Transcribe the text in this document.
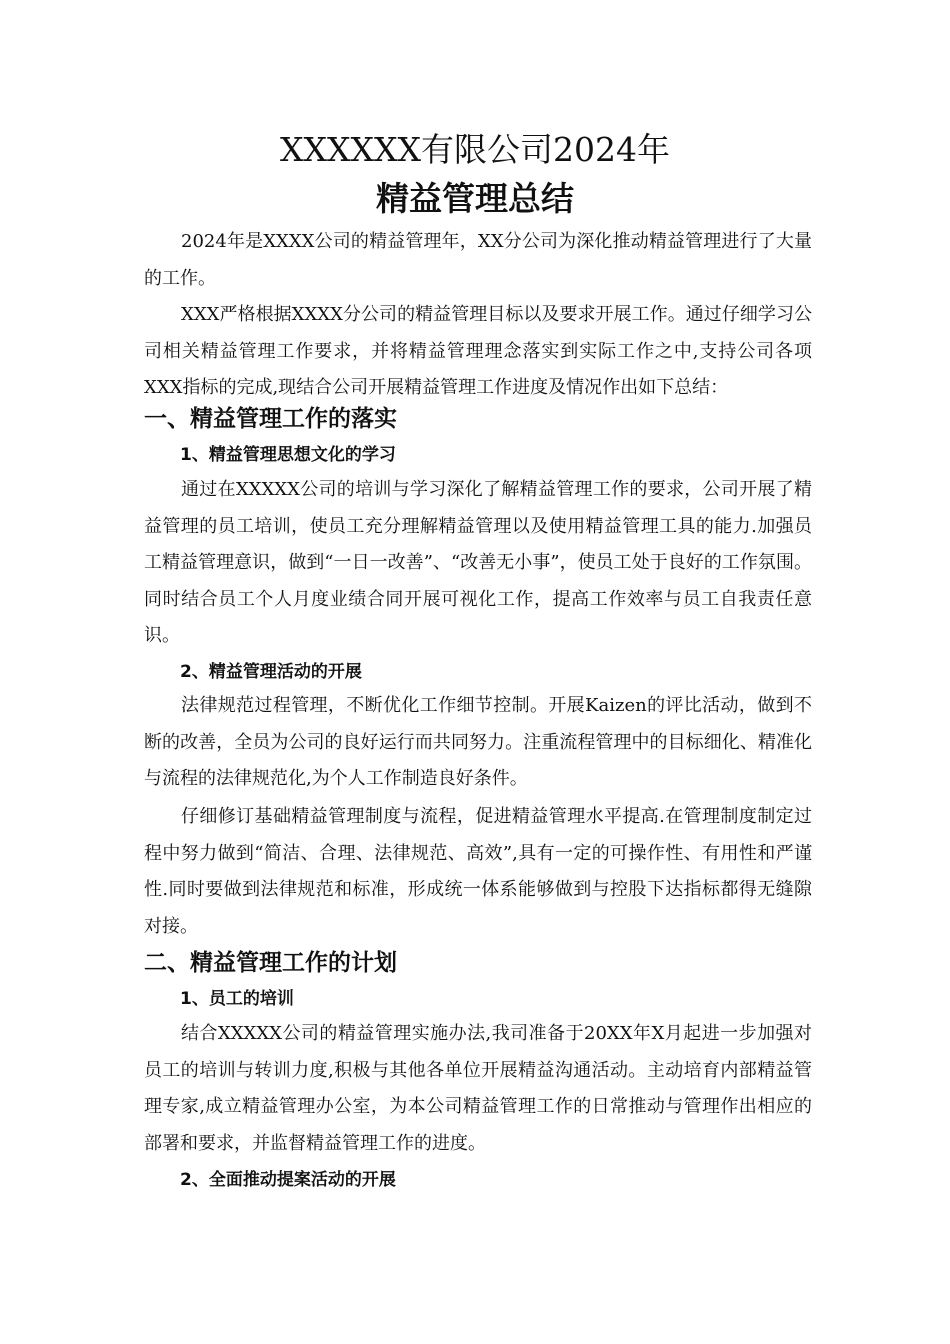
XXXXXX有限公司2024年
精益管理总结

2024年是XXXX公司的精益管理年，XX分公司为深化推动精益管理进行了大量的工作。

XXX严格根据XXXX分公司的精益管理目标以及要求开展工作。通过仔细学习公司相关精益管理工作要求，并将精益管理理念落实到实际工作之中,支持公司各项XXX指标的完成,现结合公司开展精益管理工作进度及情况作出如下总结：

一、精益管理工作的落实
1、精益管理思想文化的学习

通过在XXXXX公司的培训与学习深化了解精益管理工作的要求，公司开展了精益管理的员工培训，使员工充分理解精益管理以及使用精益管理工具的能力.加强员工精益管理意识，做到“一日一改善”、“改善无小事”，使员工处于良好的工作氛围。同时结合员工个人月度业绩合同开展可视化工作，提高工作效率与员工自我责任意识。

2、精益管理活动的开展

法律规范过程管理，不断优化工作细节控制。开展Kaizen的评比活动，做到不断的改善，全员为公司的良好运行而共同努力。注重流程管理中的目标细化、精准化与流程的法律规范化,为个人工作制造良好条件。

仔细修订基础精益管理制度与流程，促进精益管理水平提高.在管理制度制定过程中努力做到“简洁、合理、法律规范、高效”,具有一定的可操作性、有用性和严谨性.同时要做到法律规范和标准，形成统一体系能够做到与控股下达指标都得无缝隙对接。

二、精益管理工作的计划
1、员工的培训

结合XXXXX公司的精益管理实施办法,我司准备于20XX年X月起进一步加强对员工的培训与转训力度,积极与其他各单位开展精益沟通活动。主动培育内部精益管理专家,成立精益管理办公室，为本公司精益管理工作的日常推动与管理作出相应的部署和要求，并监督精益管理工作的进度。

2、全面推动提案活动的开展
